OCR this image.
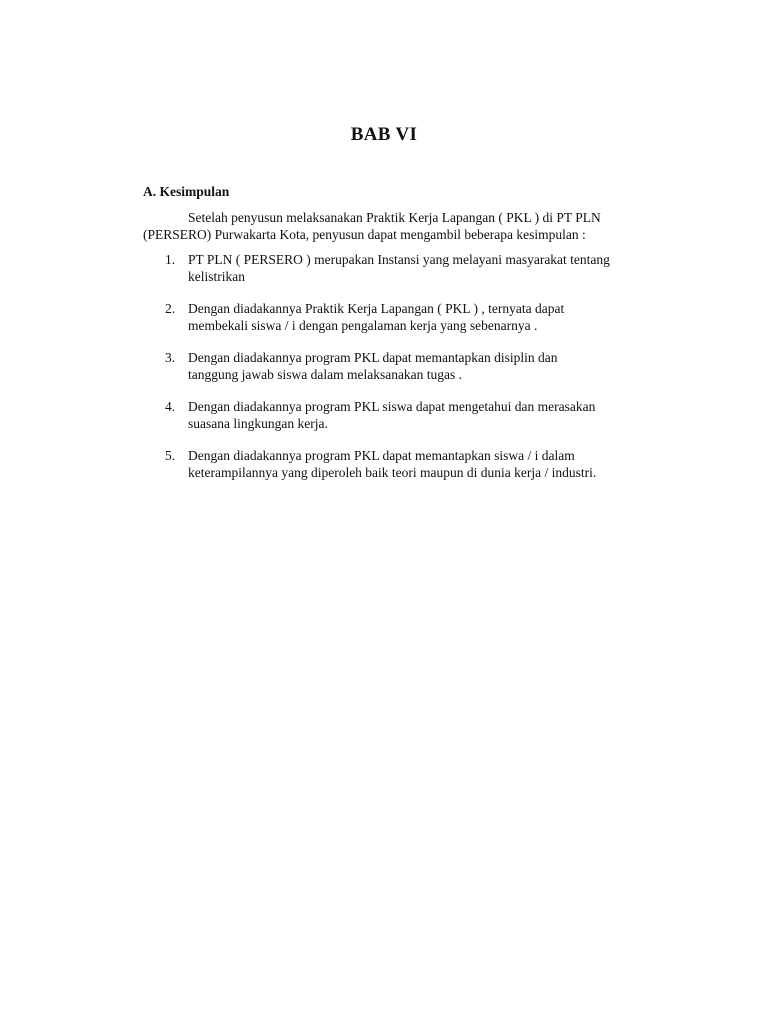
BAB VI
A. Kesimpulan
Setelah penyusun melaksanakan Praktik Kerja Lapangan ( PKL ) di PT PLN
(PERSERO) Purwakarta Kota, penyusun dapat mengambil beberapa kesimpulan :
1. PT PLN ( PERSERO ) merupakan Instansi yang melayani masyarakat tentang
kelistrikan
2. Dengan diadakannya Praktik Kerja Lapangan ( PKL ) , ternyata dapat
membekali siswa / i dengan pengalaman kerja yang sebenarnya .
3. Dengan diadakannya program PKL dapat memantapkan disiplin dan
tanggung jawab siswa dalam melaksanakan tugas .
4. Dengan diadakannya program PKL siswa dapat mengetahui dan merasakan
suasana lingkungan kerja.
5. Dengan diadakannya program PKL dapat memantapkan siswa / i dalam
keterampilannya yang diperoleh baik teori maupun di dunia kerja / industri.
